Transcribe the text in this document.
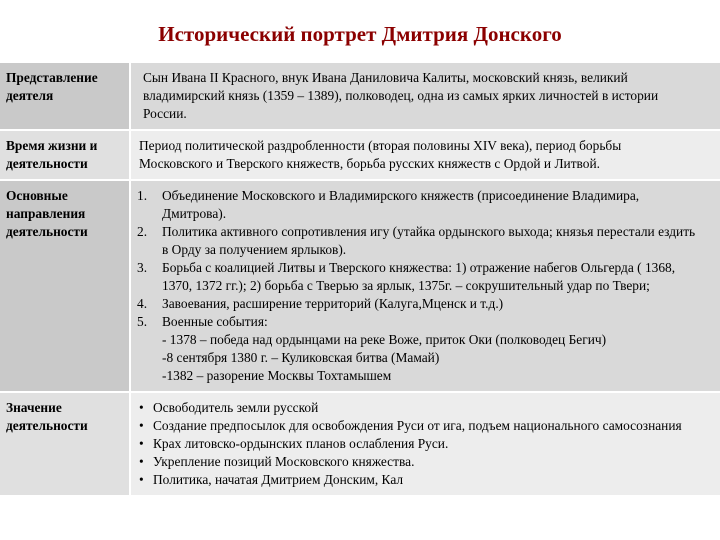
Исторический портрет Дмитрия Донского
Представление деятеля
Сын Ивана II Красного, внук Ивана Даниловича Калиты, московский князь, великий владимирский князь (1359 – 1389), полководец, одна из самых ярких личностей в истории России.
Время жизни и деятельности
Период политической раздробленности (вторая половины XIV века), период борьбы Московского и Тверского княжеств, борьба русских княжеств с Ордой и Литвой.
Основные направления деятельности
1. Объединение Московского и Владимирского княжеств (присоединение Владимира, Дмитрова).
2. Политика активного сопротивления игу (утайка ордынского выхода; князья перестали ездить в Орду за получением ярлыков).
3. Борьба с коалицией Литвы и Тверского княжества: 1) отражение набегов Ольгерда ( 1368, 1370, 1372 гг.); 2) борьба с Тверью за ярлык, 1375г. – сокрушительный удар по Твери;
4. Завоевания, расширение территорий (Калуга,Мценск и т.д.)
5. Военные события:
- 1378 – победа над ордынцами на реке Воже, приток Оки (полководец Бегич)
-8 сентября 1380 г. – Куликовская битва (Мамай)
-1382 – разорение Москвы Тохтамышем
Значение деятельности
• Освободитель земли русской
• Создание предпосылок для освобождения Руси от ига, подъем национального самосознания
• Крах литовско-ордынских планов ослабления Руси.
• Укрепление позиций Московского княжества.
• Политика, начатая Дмитрием Донским, Кал
